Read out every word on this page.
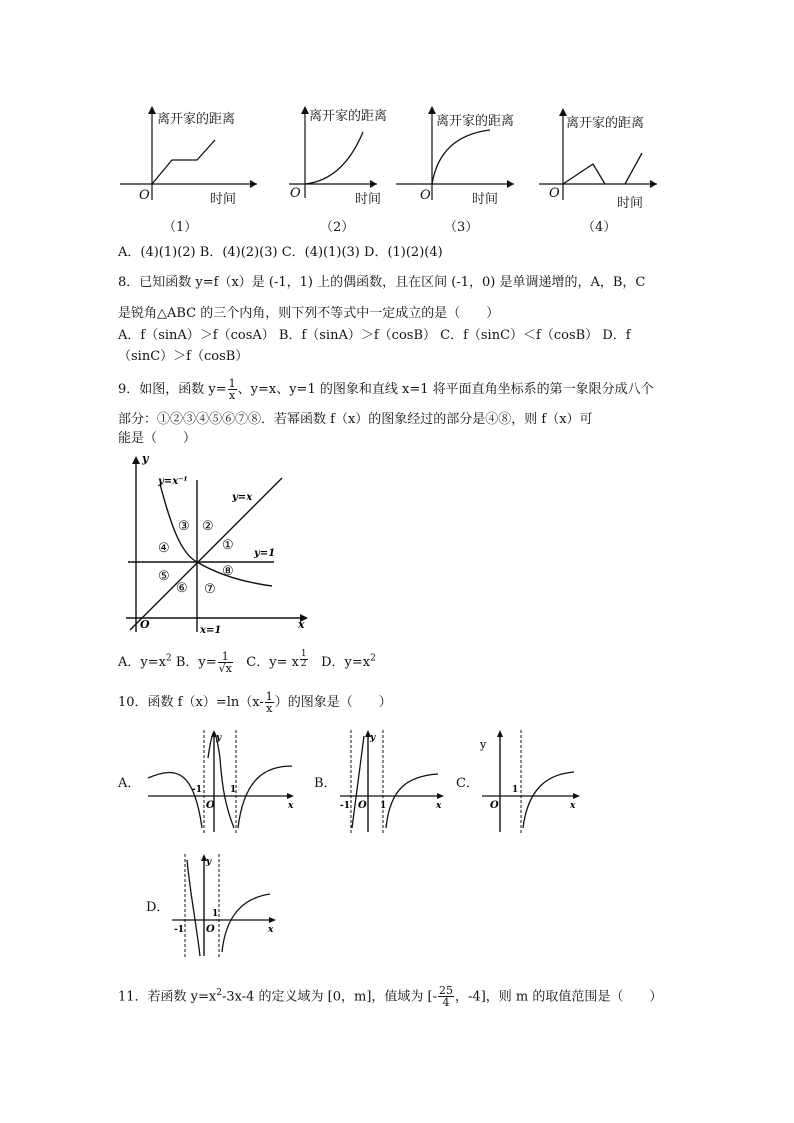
离开家的距离
O	时间
（1）
离开家的距离
O	时间
（2）
离开家的距离
O	时间
（3）
离开家的距离
O
时间
（4）
A．(4)(1)(2) B．(4)(2)(3) C．(4)(1)(3) D．(1)(2)(4)
8．已知函数 y=f（x）是 (-1，1) 上的偶函数，且在区间 (-1，0) 是单调递增的，A，B，C
是锐角△ABC 的三个内角，则下列不等式中一定成立的是（　　）
A．f（sinA）＞f（cosA） B．f（sinA）＞f（cosB） C．f（sinC）＜f（cosB） D．f
（sinC）＞f（cosB）
9．如图，函数 $y= \frac{1}{x}$ 、y=x、y=1 的图象和直线 x=1 将平面直角坐标系的第一象限分成八个
部分：①②③④⑤⑥⑦⑧．若幂函数 f（x）的图象经过的部分是④⑧，则 f（x）可
能是（　　）
y=x⁻¹
y=x
y=1
x=1
y
x
O
①
②
③
④
⑤
⑥ ⑦
⑧
A．$y=x^2$ B．$y= \frac{1}{√x}$ C．y= x $\frac{1}{2}$ D．$y=x^2$
10．函数 $f(x)=\ln(x- \frac{1}{x}$ ）的图象是（　　）
A．
y
x
O
-1	1	B．
y
x
O
-1	1
C．
y
x
O
1
D．
y
x
O
-1
1
11．若函数 $y=x^2-3x-4$ 的定义域为 [0，m]，值域为 [- $\frac{25}{4}$ ，-4]，则 m 的取值范围是（　　）
